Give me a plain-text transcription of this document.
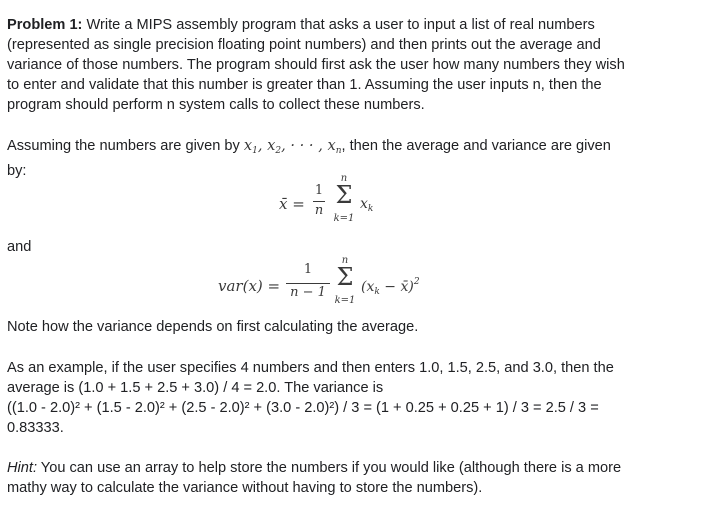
Problem 1: Write a MIPS assembly program that asks a user to input a list of real numbers
(represented as single precision floating point numbers) and then prints out the average and
variance of those numbers. The program should first ask the user how many numbers they wish
to enter and validate that this number is greater than 1. Assuming the user inputs n, then the
program should perform n system calls to collect these numbers.
Assuming the numbers are given by $x_1$, $x_2$, · · · , $x_n$, then the average and variance are given
by:
x̄ =
1
n
n
Σ
k=1
$x_k$
and
var(x) =
1
n − 1
n
Σ
k=1
($x_k$ − x̄)$^2$
Note how the variance depends on first calculating the average.
As an example, if the user specifies 4 numbers and then enters 1.0, 1.5, 2.5, and 3.0, then the
average is (1.0 + 1.5 + 2.5 + 3.0) / 4 = 2.0. The variance is
((1.0 - 2.0)² + (1.5 - 2.0)² + (2.5 - 2.0)² + (3.0 - 2.0)²) / 3 = (1 + 0.25 + 0.25 + 1) / 3 = 2.5 / 3 =
0.83333.
Hint: You can use an array to help store the numbers if you would like (although there is a more
mathy way to calculate the variance without having to store the numbers).
